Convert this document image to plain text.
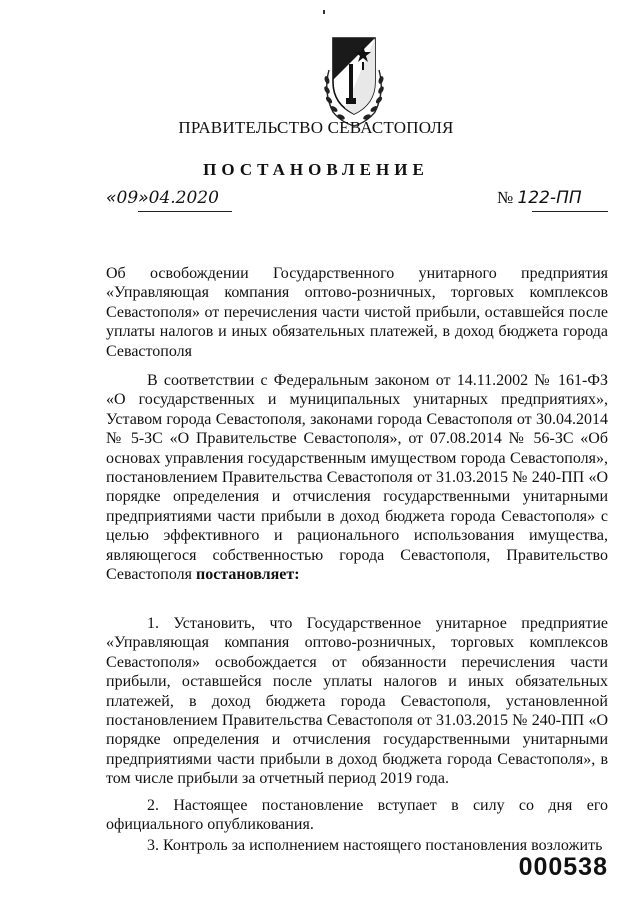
ПРАВИТЕЛЬСТВО СЕВАСТОПОЛЯ
ПОСТАНОВЛЕНИЕ
«09»04.2020	№ 122-ПП
Об освобождении Государственного унитарного предприятия «Управляющая компания оптово-розничных, торговых комплексов Севастополя» от перечисления части чистой прибыли, оставшейся после уплаты налогов и иных обязательных платежей, в доход бюджета города Севастополя
В соответствии с Федеральным законом от 14.11.2002 № 161-ФЗ «О государственных и муниципальных унитарных предприятиях», Уставом города Севастополя, законами города Севастополя от 30.04.2014 № 5-ЗС «О Правительстве Севастополя», от 07.08.2014 № 56-ЗС «Об основах управления государственным имуществом города Севастополя», постановлением Правительства Севастополя от 31.03.2015 № 240-ПП «О порядке определения и отчисления государственными унитарными предприятиями части прибыли в доход бюджета города Севастополя» с целью эффективного и рационального использования имущества, являющегося собственностью города Севастополя, Правительство Севастополя постановляет:
1. Установить, что Государственное унитарное предприятие «Управляющая компания оптово-розничных, торговых комплексов Севастополя» освобождается от обязанности перечисления части прибыли, оставшейся после уплаты налогов и иных обязательных платежей, в доход бюджета города Севастополя, установленной постановлением Правительства Севастополя от 31.03.2015 № 240-ПП «О порядке определения и отчисления государственными унитарными предприятиями части прибыли в доход бюджета города Севастополя», в том числе прибыли за отчетный период 2019 года.
2. Настоящее постановление вступает в силу со дня его официального опубликования.
3. Контроль за исполнением настоящего постановления возложить
000538
